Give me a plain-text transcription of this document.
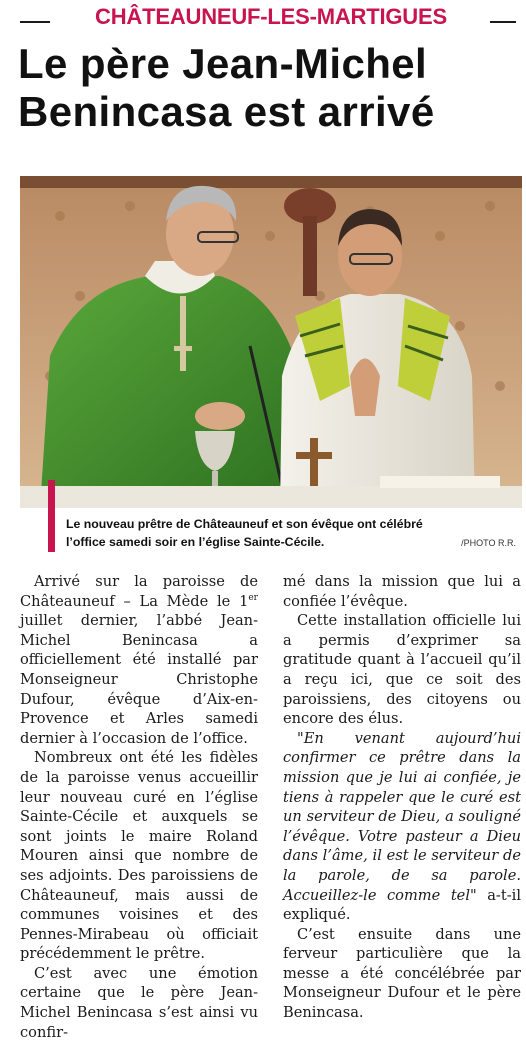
CHÂTEAUNEUF-LES-MARTIGUES
Le père Jean-Michel
Benincasa est arrivé
Le nouveau prêtre de Châteauneuf et son évêque ont célébré
l’office samedi soir en l’église Sainte-Cécile.	/PHOTO R.R.

Arrivé sur la paroisse de Châteauneuf – La Mède le 1er juillet dernier, l’abbé Jean-Michel Benincasa a officiellement été installé par Monseigneur Christophe Dufour, évêque d’Aix-en-Provence et Arles samedi dernier à l’occasion de l’office.

Nombreux ont été les fidèles de la paroisse venus accueillir leur nouveau curé en l’église Sainte-Cécile et auxquels se sont joints le maire Roland Mouren ainsi que nombre de ses adjoints. Des paroissiens de Châteauneuf, mais aussi de communes voisines et des Pennes-Mirabeau où officiait précédemment le prêtre.

C’est avec une émotion certaine que le père Jean-Michel Benincasa s’est ainsi vu confir-

mé dans la mission que lui a confiée l’évêque.

Cette installation officielle lui a permis d’exprimer sa gratitude quant à l’accueil qu’il a reçu ici, que ce soit des paroissiens, des citoyens ou encore des élus.

"En venant aujourd’hui confirmer ce prêtre dans la mission que je lui ai confiée, je tiens à rappeler que le curé est un serviteur de Dieu, a souligné l’évêque. Votre pasteur a Dieu dans l’âme, il est le serviteur de la parole, de sa parole. Accueillez-le comme tel" a-t-il expliqué.

C’est ensuite dans une ferveur particulière que la messe a été concélébrée par Monseigneur Dufour et le père Benincasa.
